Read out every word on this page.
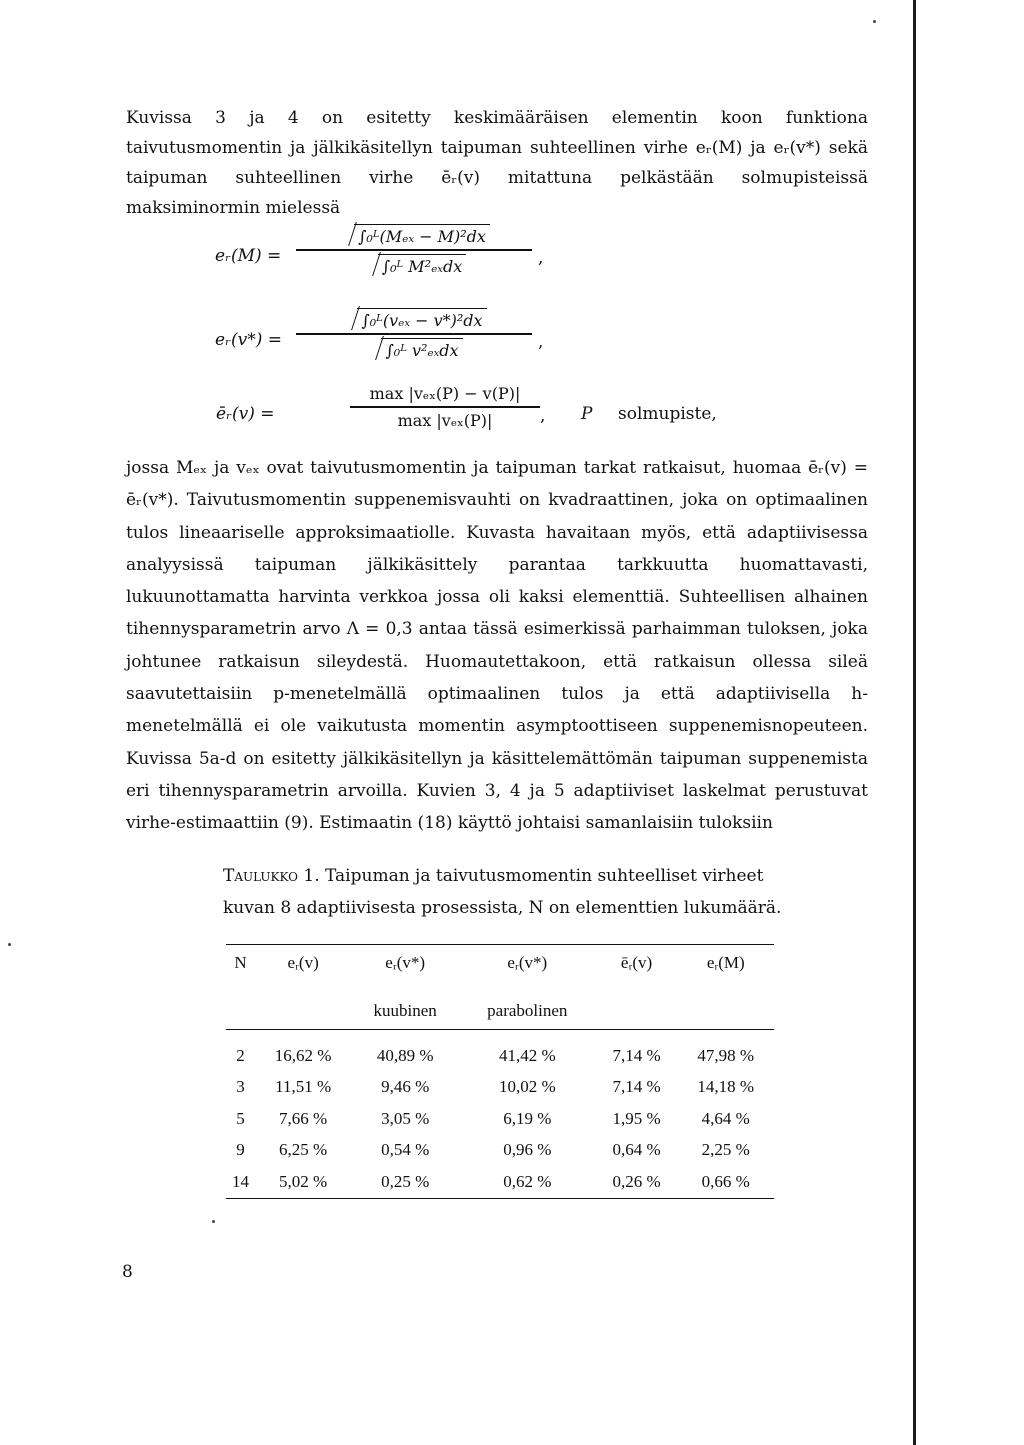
Kuvissa 3 ja 4 on esitetty keskimääräisen elementin koon funktiona taivutusmomentin ja jälkikäsitellyn taipuman suhteellinen virhe eᵣ(M) ja eᵣ(v*) sekä taipuman suhteellinen virhe ēᵣ(v) mitattuna pelkästään solmupisteissä maksiminormin mielessä

eᵣ(M) =
∫₀ᴸ(Mₑₓ − M)²dx
∫₀ᴸ M²ₑₓdx	,
eᵣ(v*) =
∫₀ᴸ(vₑₓ − v*)²dx
∫₀ᴸ v²ₑₓdx	,
ēᵣ(v) =
max |vₑₓ(P) − v(P)|
max |vₑₓ(P)|	, P solmupiste,

jossa Mₑₓ ja vₑₓ ovat taivutusmomentin ja taipuman tarkat ratkaisut, huomaa ēᵣ(v) = ēᵣ(v*). Taivutusmomentin suppenemisvauhti on kvadraattinen, joka on optimaalinen tulos lineaariselle approksimaatiolle. Kuvasta havaitaan myös, että adaptiivisessa analyysissä taipuman jälkikäsittely parantaa tarkkuutta huomattavasti, lukuunottamatta harvinta verkkoa jossa oli kaksi elementtiä. Suhteellisen alhainen tihennysparametrin arvo Λ = 0,3 antaa tässä esimerkissä parhaimman tuloksen, joka johtunee ratkaisun sileydestä. Huomautettakoon, että ratkaisun ollessa sileä saavutettaisiin p-menetelmällä optimaalinen tulos ja että adaptiivisella h-menetelmällä ei ole vaikutusta momentin asymptoottiseen suppenemisnopeuteen. Kuvissa 5a-d on esitetty jälkikäsitellyn ja käsittelemättömän taipuman suppenemista eri tihennysparametrin arvoilla. Kuvien 3, 4 ja 5 adaptiiviset laskelmat perustuvat virhe-estimaattiin (9). Estimaatin (18) käyttö johtaisi samanlaisiin tuloksiin

Taulukko 1. Taipuman ja taivutusmomentin suhteelliset virheet
kuvan 8 adaptiivisesta prosessista, N on elementtien lukumäärä.
N	eᵣ(v)	eᵣ(v*)	eᵣ(v*)	ēᵣ(v)	eᵣ(M)
		kuubinen	parabolinen		

2	16,62 %	40,89 %	41,42 %	7,14 %	47,98 %
3	11,51 %	9,46 %	10,02 %	7,14 %	14,18 %
5	7,66 %	3,05 %	6,19 %	1,95 %	4,64 %
9	6,25 %	0,54 %	0,96 %	0,64 %	2,25 %
14	5,02 %	0,25 %	0,62 %	0,26 %	0,66 %
8
